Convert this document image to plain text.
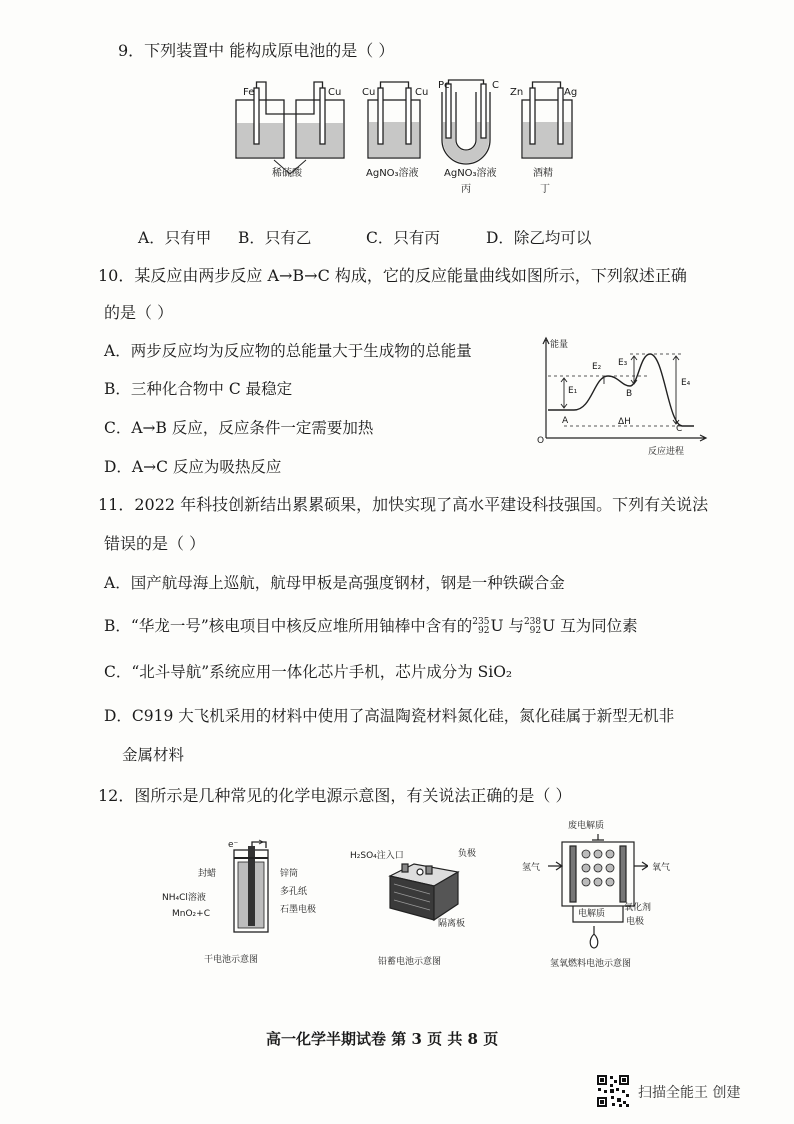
9．下列装置中 能构成原电池的是（ ）
Fe	Cu Cu	Cu
Pc	C
Zn	Ag
稀硫酸	AgNO₃溶液	AgNO₃溶液	酒精
丙	丁
A．只有甲 B．只有乙	C．只有丙	D．除乙均可以
10．某反应由两步反应 A→B→C 构成，它的反应能量曲线如图所示，下列叙述正确
的是（ ）
A．两步反应均为反应物的总能量大于生成物的总能量
B．三种化合物中 C 最稳定
C．A→B 反应，反应条件一定需要加热
D．A→C 反应为吸热反应
能量
反应进程
O
E₁
E₂ E₃
E₄
A
B
C
ΔH
11．2022 年科技创新结出累累硕果，加快实现了高水平建设科技强国。下列有关说法
错误的是（ ）
A．国产航母海上巡航，航母甲板是高强度钢材，钢是一种铁碳合金
B．“华龙一号”核电项目中核反应堆所用铀棒中含有的235
92U 与238
92U 互为同位素
C．“北斗导航”系统应用一体化芯片手机，芯片成分为 SiO₂
D．C919 大飞机采用的材料中使用了高温陶瓷材料氮化硅，氮化硅属于新型无机非
金属材料
12．图所示是几种常见的化学电源示意图，有关说法正确的是（ ）
e⁻
封蜡
NH₄Cl溶液
MnO₂+C
锌筒
多孔纸
石墨电极
干电池示意图
H₂SO₄注入口	负极
隔离板
铅蓄电池示意图
废电解质
氢气	氧气
电解质
氧化剂
电极
氢氧燃料电池示意图
高一化学半期试卷 第 3 页 共 8 页
扫描全能王 创建
